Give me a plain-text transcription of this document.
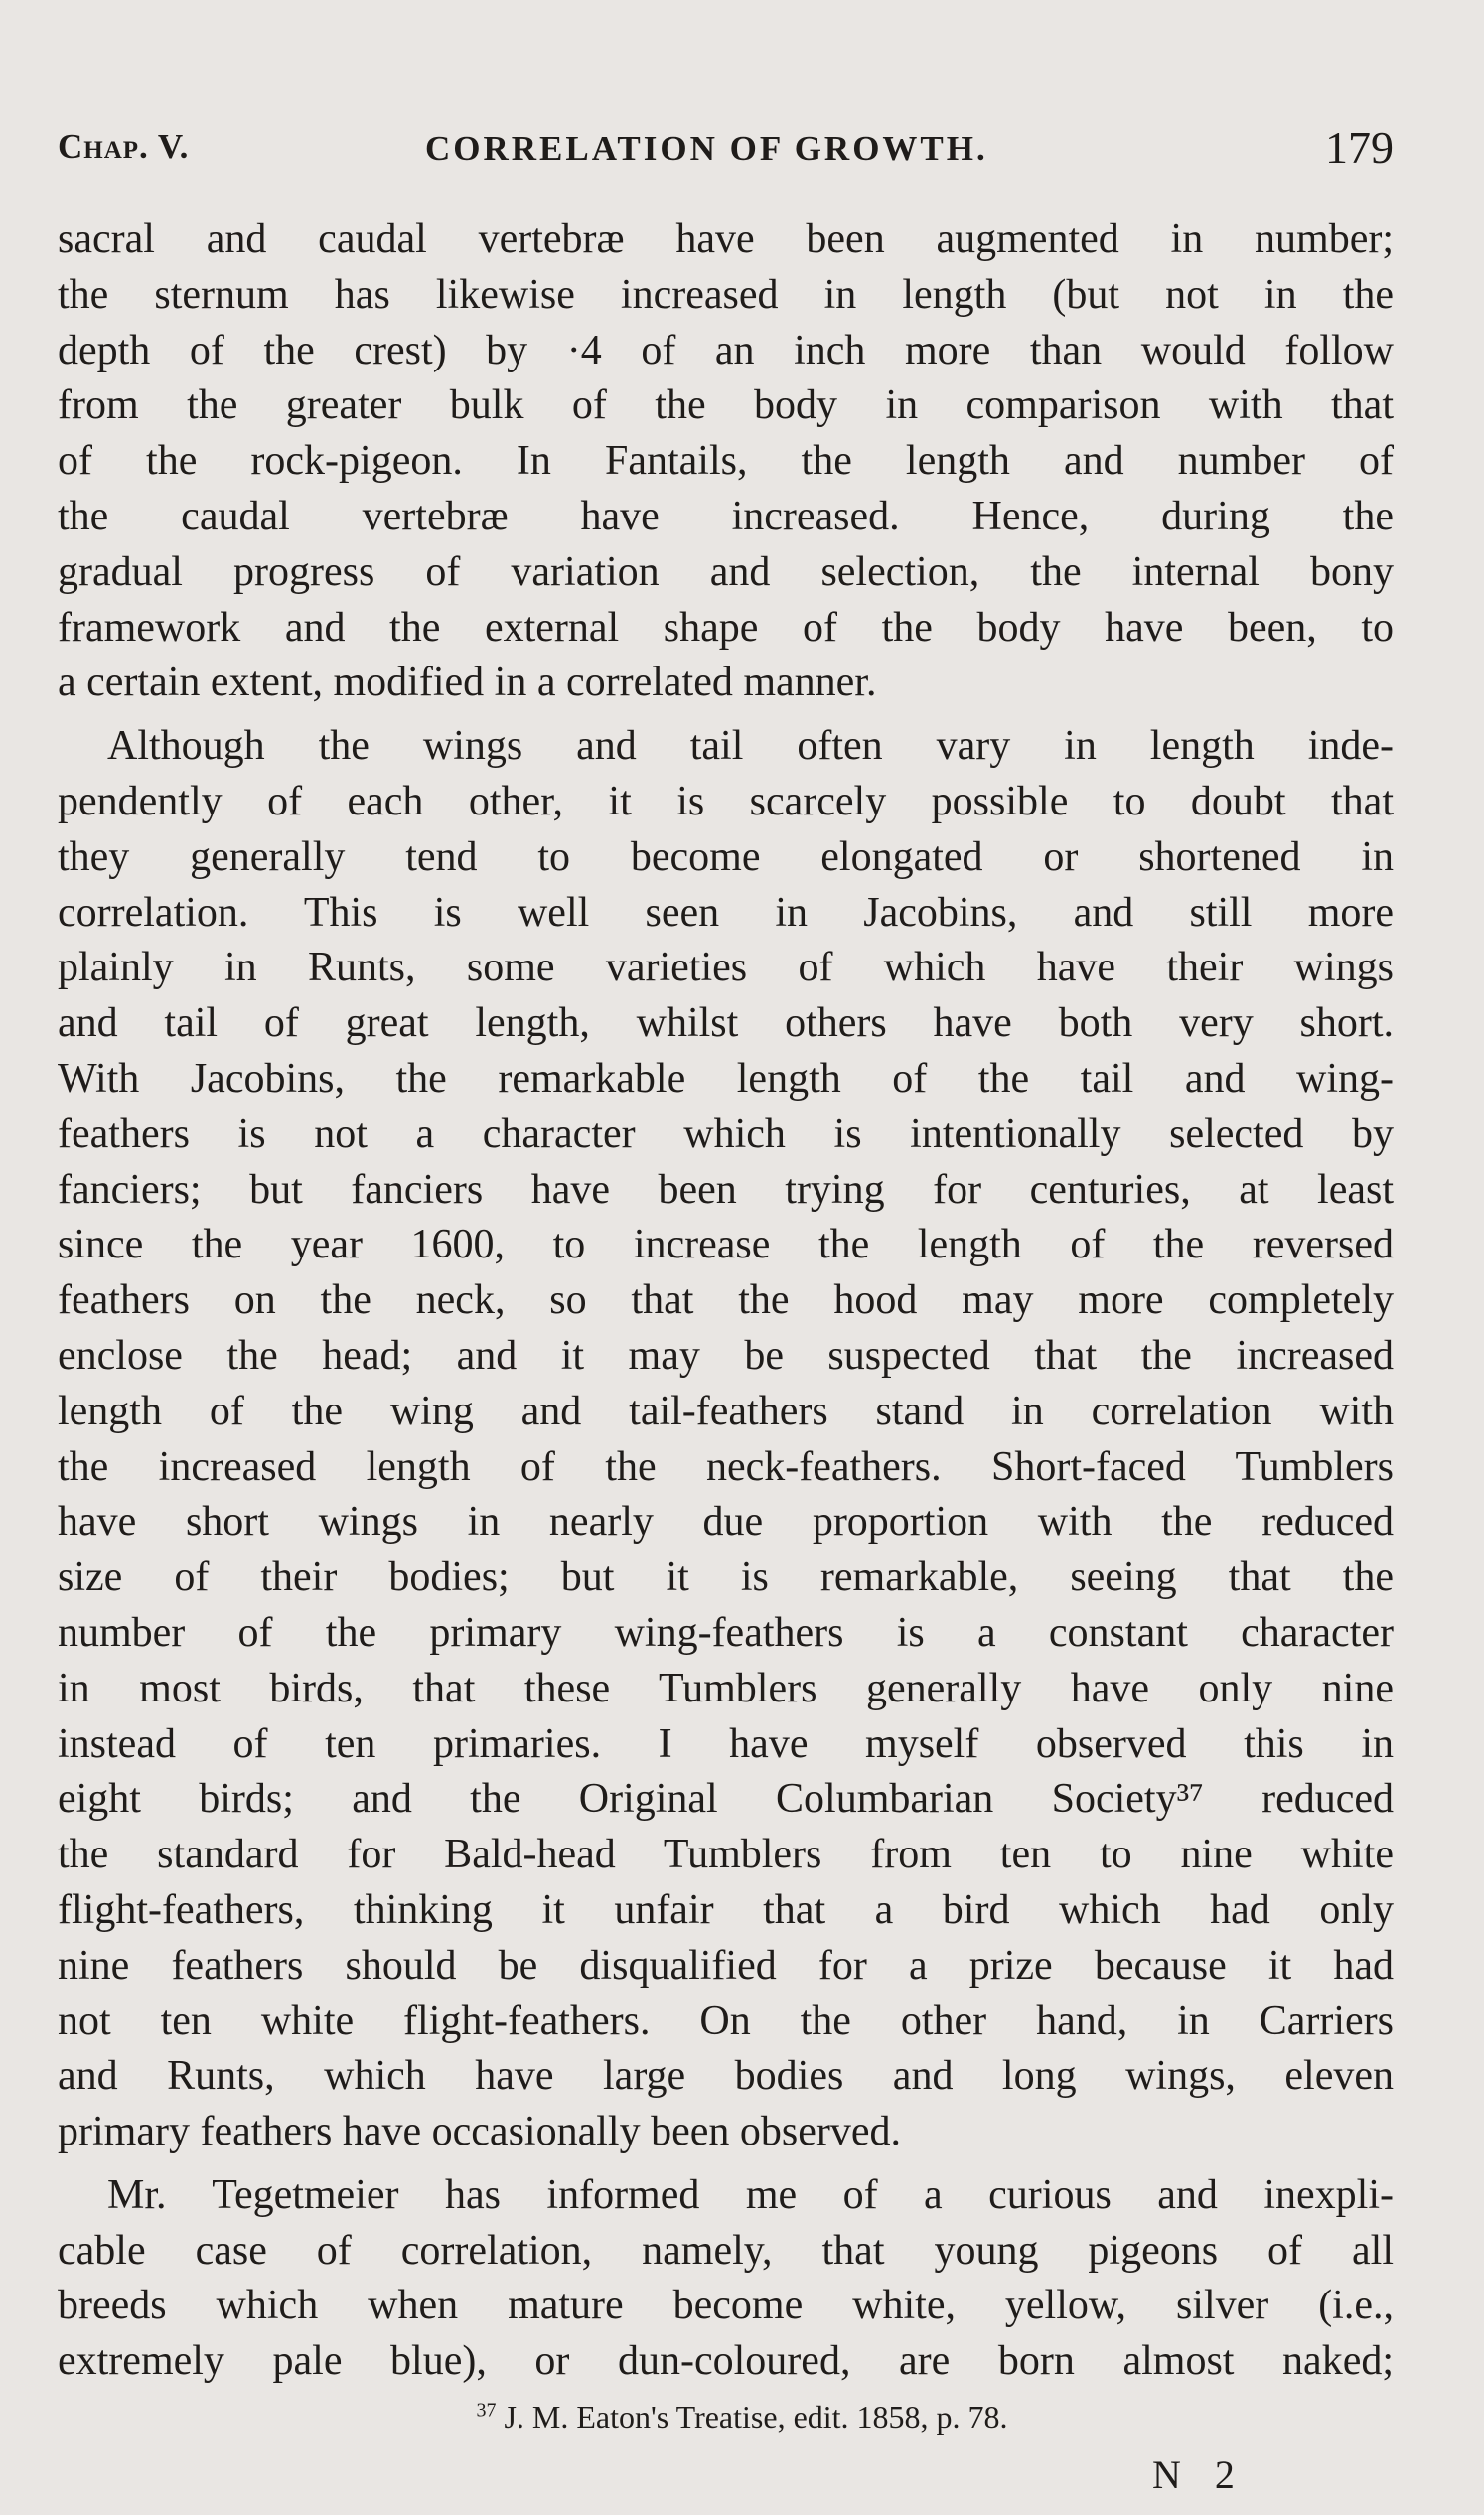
Chap. V.	CORRELATION OF GROWTH.	179
sacral and caudal vertebræ have been augmented in number;
the sternum has likewise increased in length (but not in the
depth of the crest) by ·4 of an inch more than would follow
from the greater bulk of the body in comparison with that
of the rock-pigeon. In Fantails, the length and number of
the caudal vertebræ have increased. Hence, during the
gradual progress of variation and selection, the internal bony
framework and the external shape of the body have been, to
a certain extent, modified in a correlated manner.
Although the wings and tail often vary in length inde-
pendently of each other, it is scarcely possible to doubt that
they generally tend to become elongated or shortened in
correlation. This is well seen in Jacobins, and still more
plainly in Runts, some varieties of which have their wings
and tail of great length, whilst others have both very short.
With Jacobins, the remarkable length of the tail and wing-
feathers is not a character which is intentionally selected by
fanciers; but fanciers have been trying for centuries, at least
since the year 1600, to increase the length of the reversed
feathers on the neck, so that the hood may more completely
enclose the head; and it may be suspected that the increased
length of the wing and tail-feathers stand in correlation with
the increased length of the neck-feathers. Short-faced Tumblers
have short wings in nearly due proportion with the reduced
size of their bodies; but it is remarkable, seeing that the
number of the primary wing-feathers is a constant character
in most birds, that these Tumblers generally have only nine
instead of ten primaries. I have myself observed this in
eight birds; and the Original Columbarian Society³⁷ reduced
the standard for Bald-head Tumblers from ten to nine white
flight-feathers, thinking it unfair that a bird which had only
nine feathers should be disqualified for a prize because it had
not ten white flight-feathers. On the other hand, in Carriers
and Runts, which have large bodies and long wings, eleven
primary feathers have occasionally been observed.
Mr. Tegetmeier has informed me of a curious and inexpli-
cable case of correlation, namely, that young pigeons of all
breeds which when mature become white, yellow, silver (i.e.,
extremely pale blue), or dun-coloured, are born almost naked;
$^{37}$ J. M. Eaton's Treatise, edit. 1858, p. 78.
N 2
